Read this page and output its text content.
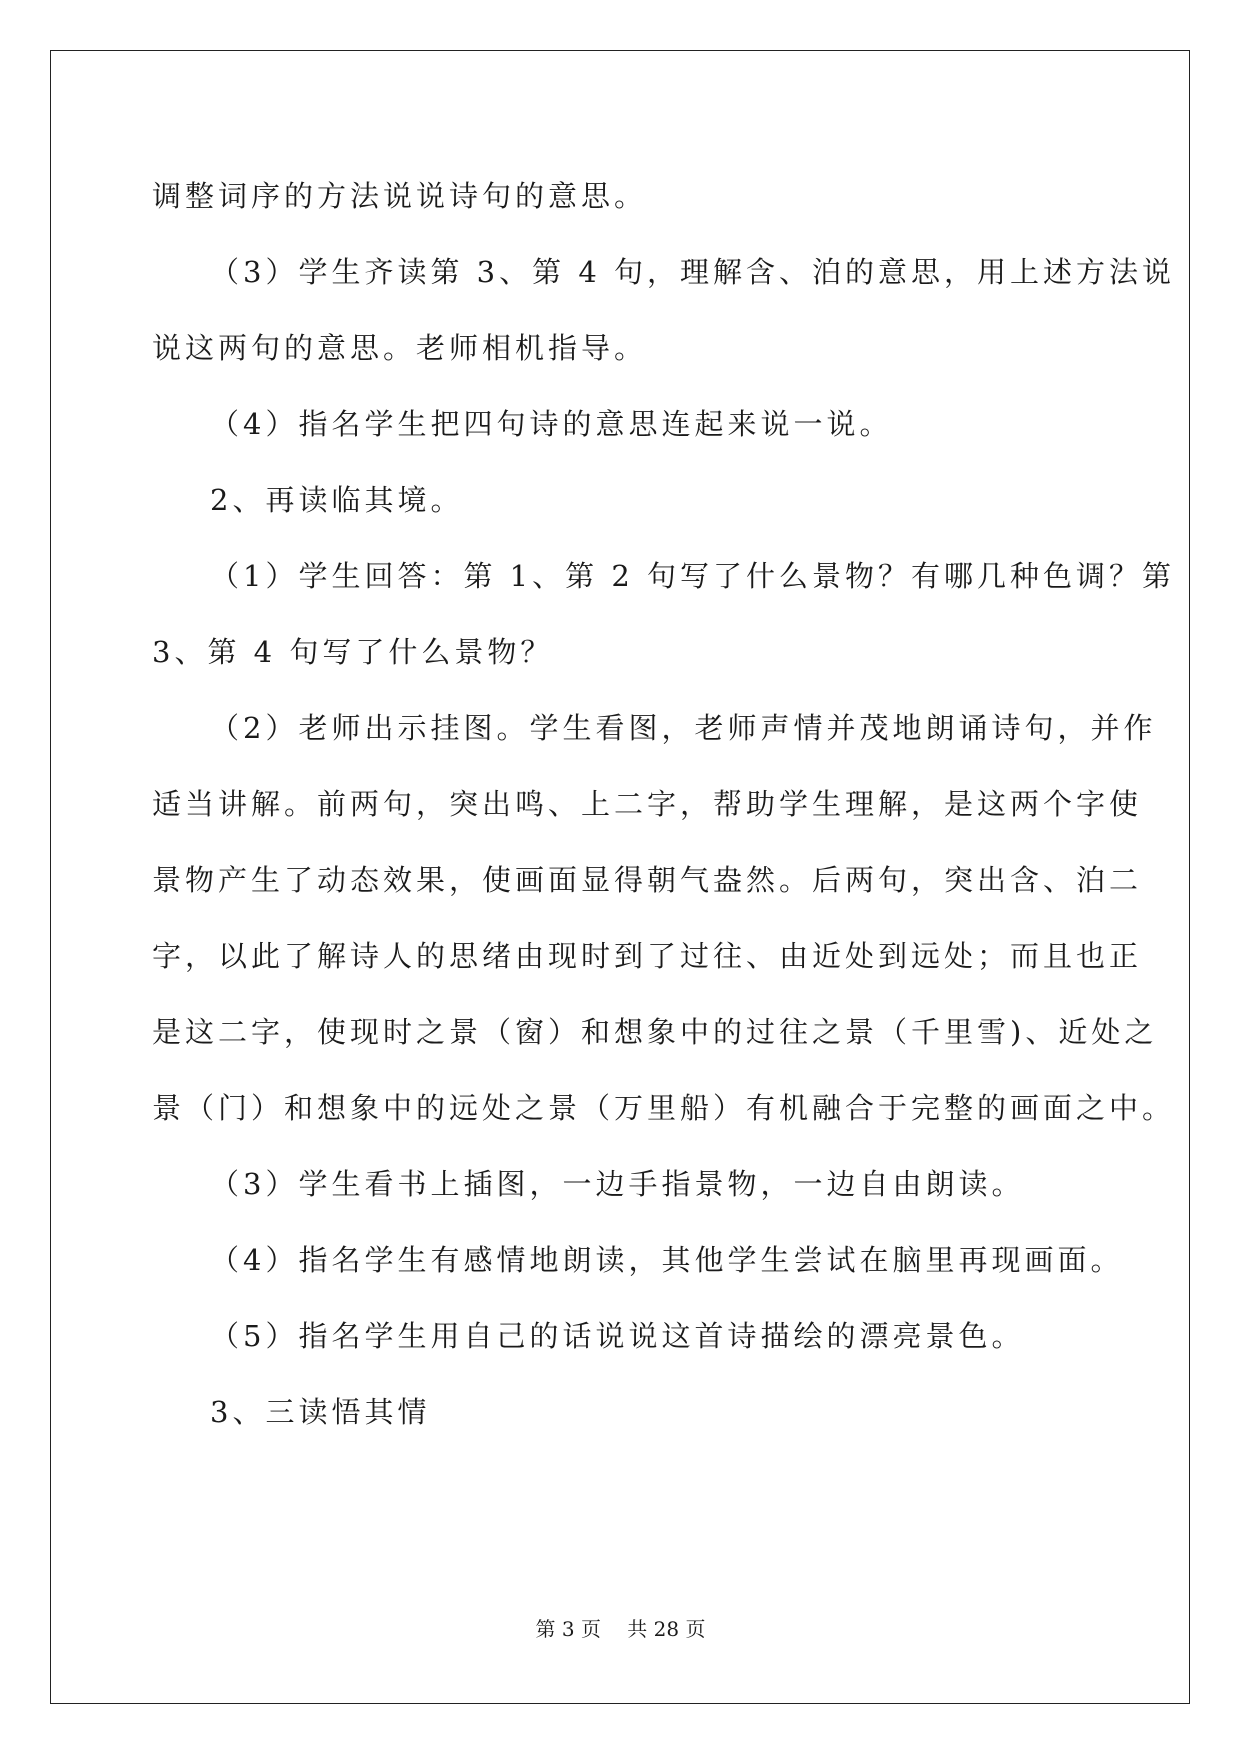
调整词序的方法说说诗句的意思。
（3）学生齐读第 3、第 4 句，理解含、泊的意思，用上述方法说
说这两句的意思。老师相机指导。
（4）指名学生把四句诗的意思连起来说一说。
2、再读临其境。
（1）学生回答：第 1、第 2 句写了什么景物？有哪几种色调？第
3、第 4 句写了什么景物？
（2）老师出示挂图。学生看图，老师声情并茂地朗诵诗句，并作
适当讲解。前两句，突出鸣、上二字，帮助学生理解，是这两个字使
景物产生了动态效果，使画面显得朝气盎然。后两句，突出含、泊二
字，以此了解诗人的思绪由现时到了过往、由近处到远处；而且也正
是这二字，使现时之景（窗）和想象中的过往之景（千里雪)、近处之
景（门）和想象中的远处之景（万里船）有机融合于完整的画面之中。
（3）学生看书上插图，一边手指景物，一边自由朗读。
（4）指名学生有感情地朗读，其他学生尝试在脑里再现画面。
（5）指名学生用自己的话说说这首诗描绘的漂亮景色。
3、三读悟其情
第 3 页　 共 28 页
